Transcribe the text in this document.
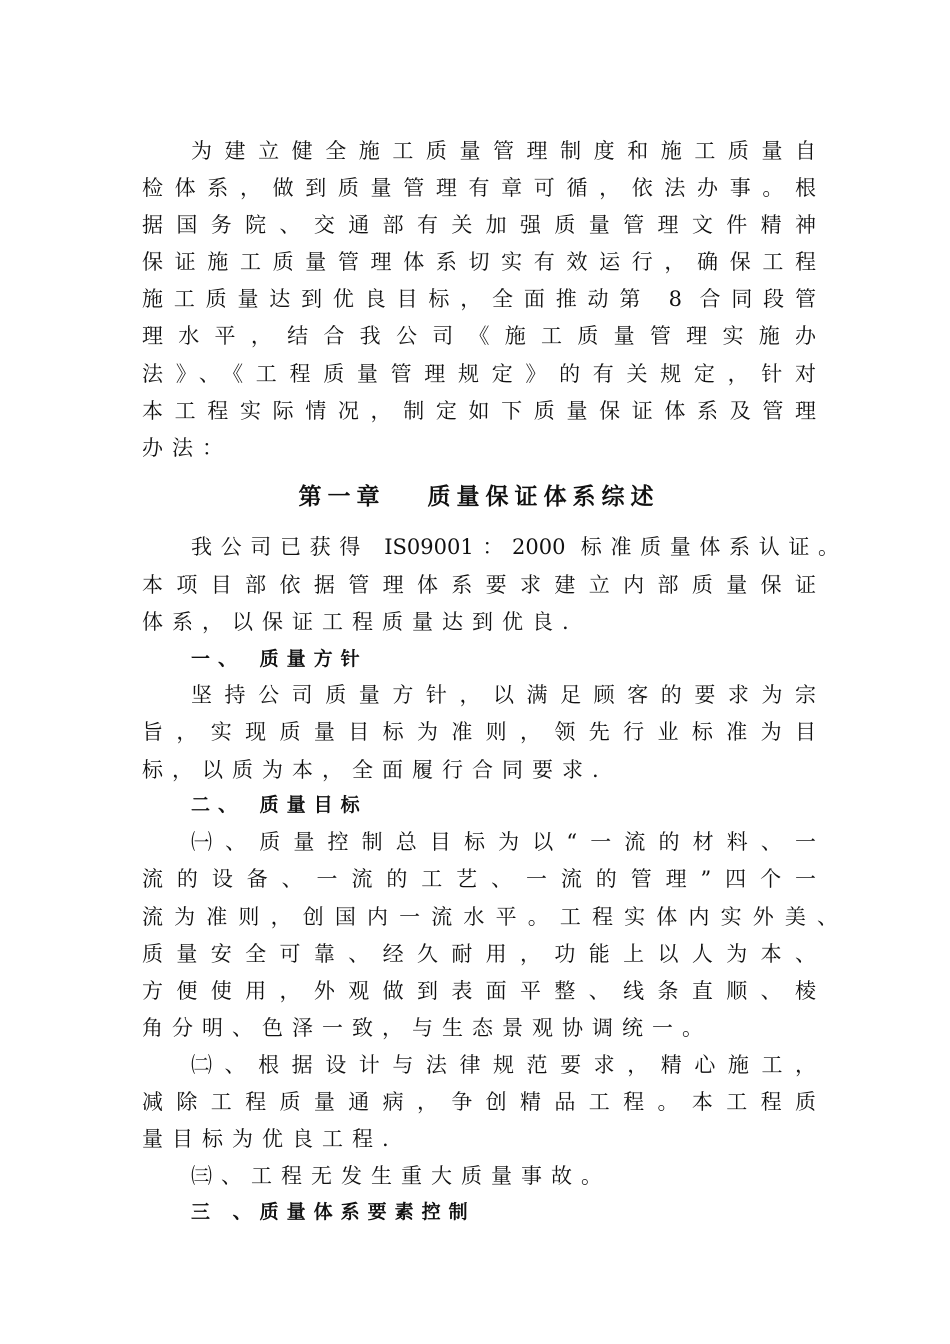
为建立健全施工质量管理制度和施工质量自
检体系，做到质量管理有章可循，依法办事。根
据国务院、交通部有关加强质量管理文件精神
保证施工质量管理体系切实有效运行，确保工程
施工质量达到优良目标，全面推动第 8 合同段管
理水平，结合我公司《施工质量管理实施办
法》、《工程质量管理规定》的有关规定，针对
本工程实际情况，制定如下质量保证体系及管理
办法：
第一章   质量保证体系综述
我公司已获得 IS09001：2000 标准质量体系认证。
本项目部依据管理体系要求建立内部质量保证
体系，以保证工程质量达到优良.
一、 质量方针
坚持公司质量方针，以满足顾客的要求为宗
旨，实现质量目标为准则，领先行业标准为目
标，以质为本，全面履行合同要求.
二、 质量目标
㈠、质量控制总目标为以“一流的材料、一
流的设备、一流的工艺、一流的管理”四个一
流为准则，创国内一流水平。工程实体内实外美、
质量安全可靠、经久耐用，功能上以人为本、
方便使用，外观做到表面平整、线条直顺、棱
角分明、色泽一致，与生态景观协调统一。
㈡、根据设计与法律规范要求，精心施工，
减除工程质量通病，争创精品工程。本工程质
量目标为优良工程.
㈢、工程无发生重大质量事故。
三 、质量体系要素控制
